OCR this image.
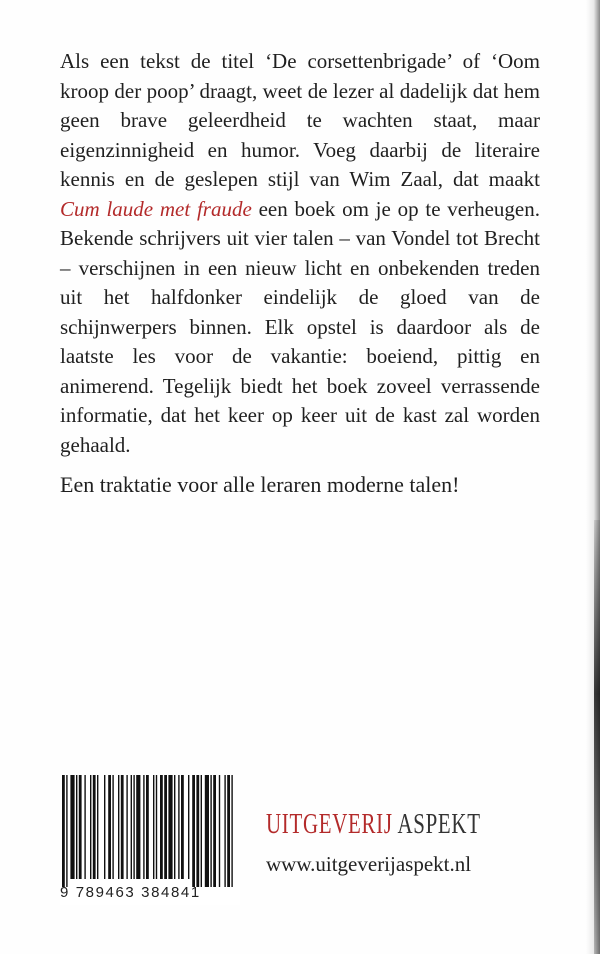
Als een tekst de titel ‘De corsettenbrigade’ of ‘Oom kroop der poop’ draagt, weet de lezer al dadelijk dat hem geen brave geleerdheid te wachten staat, maar eigenzinnigheid en humor. Voeg daarbij de literaire kennis en de geslepen stijl van Wim Zaal, dat maakt Cum laude met fraude een boek om je op te verheugen. Bekende schrijvers uit vier talen – van Vondel tot Brecht – verschijnen in een nieuw licht en onbekenden treden uit het halfdonker eindelijk de gloed van de schijnwerpers binnen. Elk opstel is daardoor als de laatste les voor de vakantie: boeiend, pittig en animerend. Tegelijk biedt het boek zoveel verrassende informatie, dat het keer op keer uit de kast zal worden gehaald.

Een traktatie voor alle leraren moderne talen!

9 789463 384841
UITGEVERIJ ASPEKT
www.uitgeverijaspekt.nl
